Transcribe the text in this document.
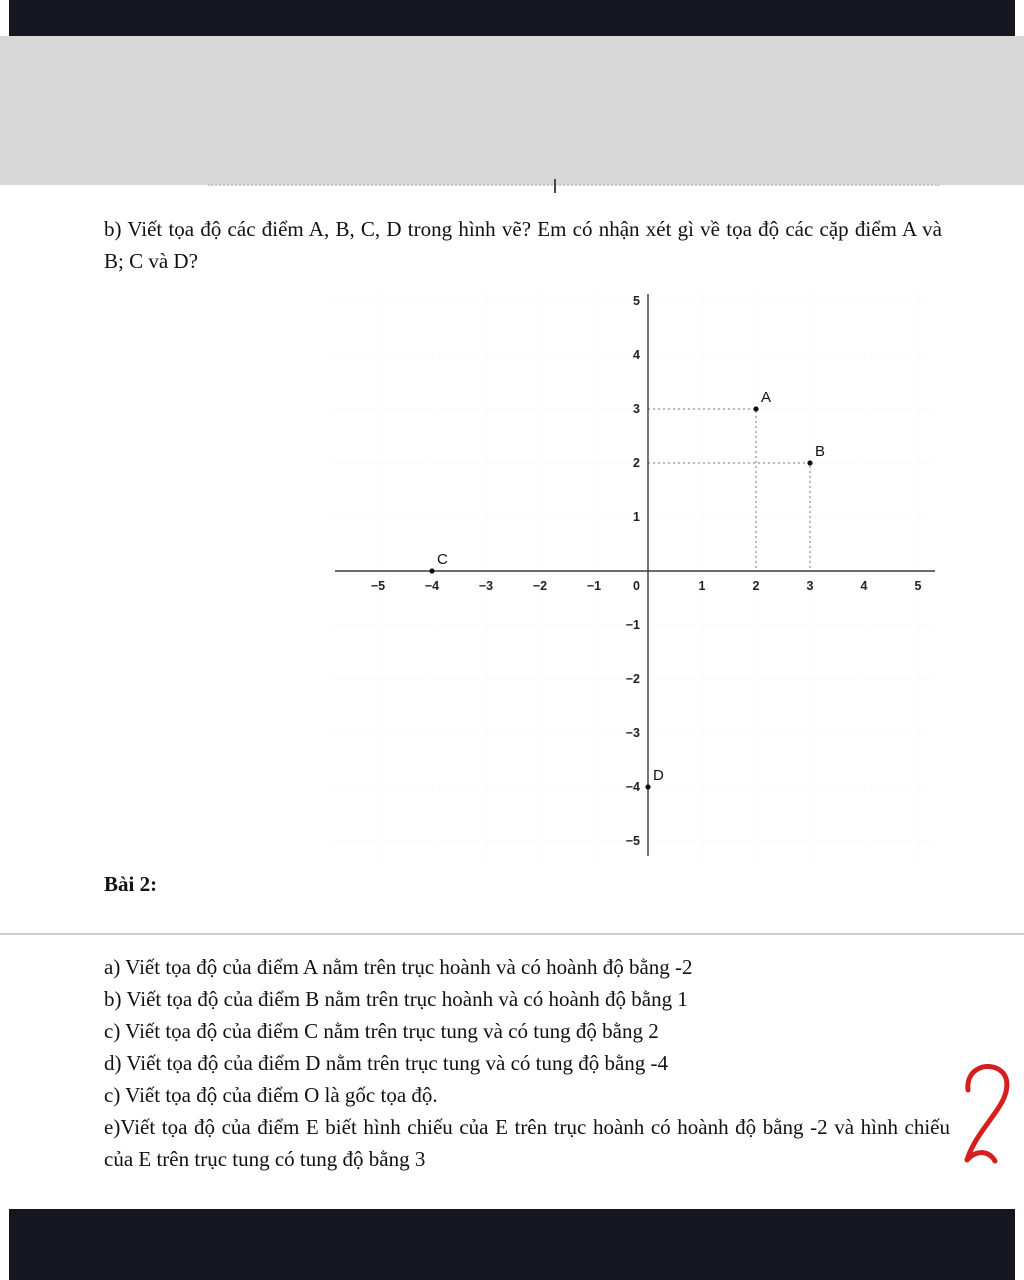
b) Viết tọa độ các điểm A, B, C, D trong hình vẽ? Em có nhận xét gì về tọa độ các cặp điểm A và B; C và D?
−5	−4	−3	−2	−1	1	2	3	4	5
−5
−4
−3
−2
−1
1
2
3
4
5
0
A
B
C
D
Bài 2:
a) Viết tọa độ của điểm A nằm trên trục hoành và có hoành độ bằng -2
b) Viết tọa độ của điểm B nằm trên trục hoành và có hoành độ bằng 1
c) Viết tọa độ của điểm C nằm trên trục tung và có tung độ bằng 2
d) Viết tọa độ của điểm D nằm trên trục tung và có tung độ bằng -4
c) Viết tọa độ của điểm O là gốc tọa độ.
e)Viết tọa độ của điểm E biết hình chiếu của E trên trục hoành có hoành độ bằng -2 và hình chiếu của E trên trục tung có tung độ bằng 3
